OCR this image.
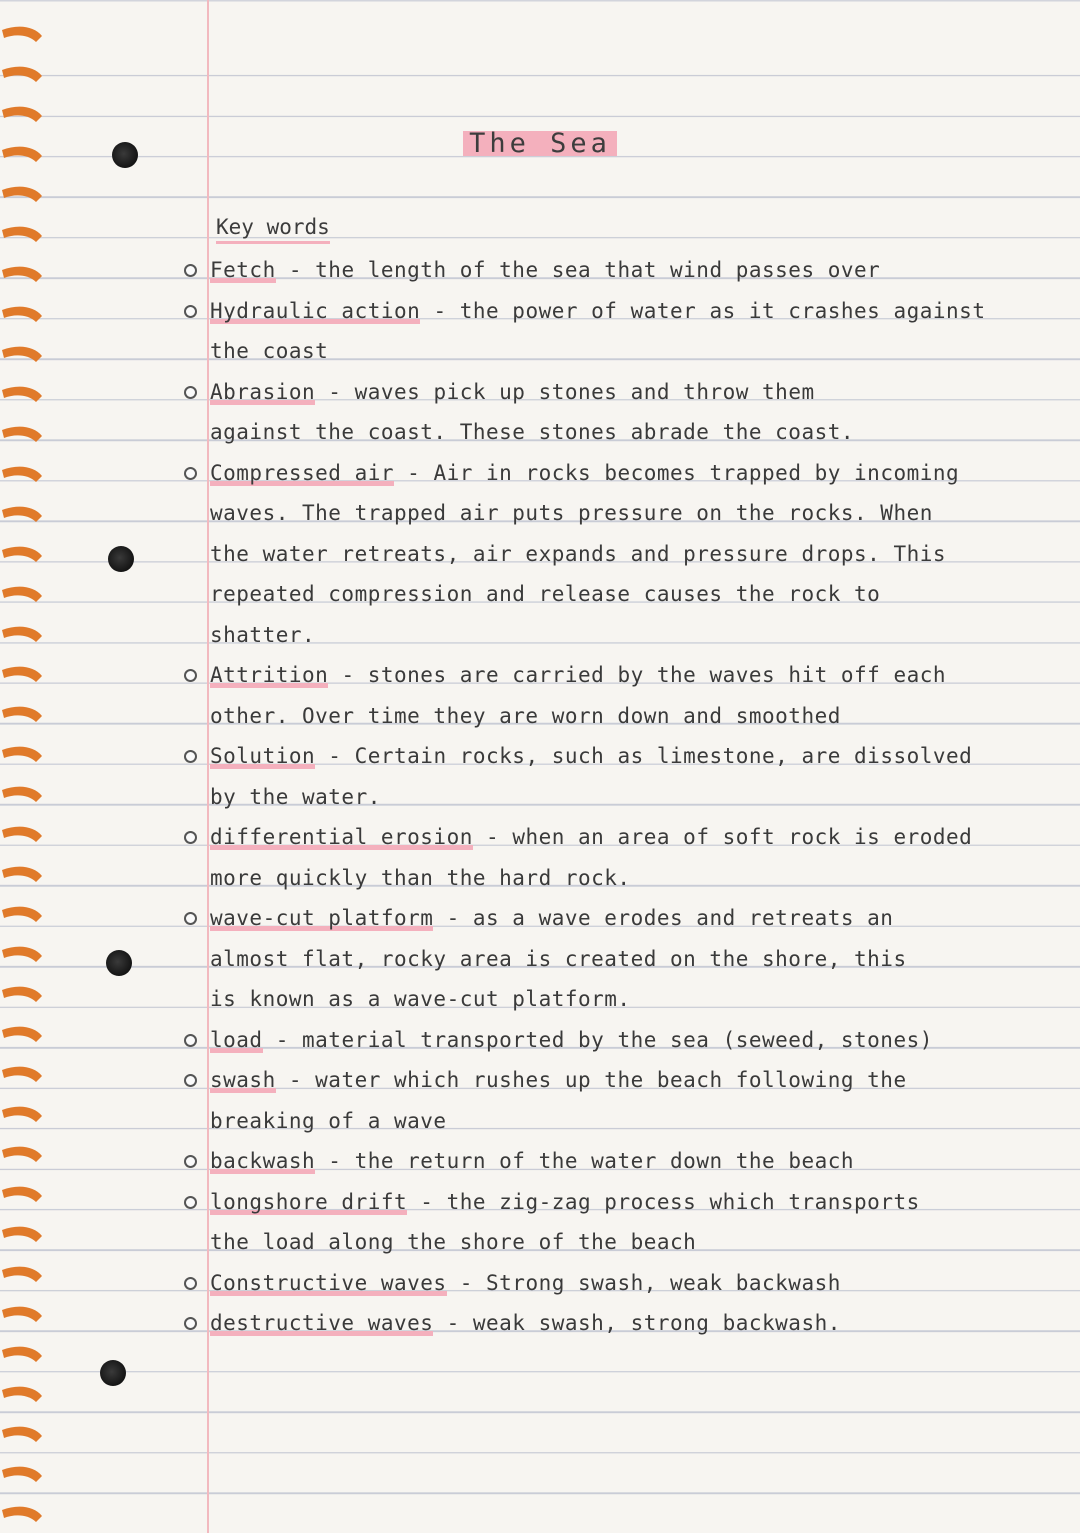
The Sea
Key words
Fetch - the length of the sea that wind passes over
Hydraulic action - the power of water as it crashes against
the coast
Abrasion - waves pick up stones and throw them
against the coast. These stones abrade the coast.
Compressed air - Air in rocks becomes trapped by incoming
waves. The trapped air puts pressure on the rocks. When
the water retreats, air expands and pressure drops. This
repeated compression and release causes the rock to
shatter.
Attrition - stones are carried by the waves hit off each
other. Over time they are worn down and smoothed
Solution - Certain rocks, such as limestone, are dissolved
by the water.
differential erosion - when an area of soft rock is eroded
more quickly than the hard rock.
wave-cut platform - as a wave erodes and retreats an
almost flat, rocky area is created on the shore, this
is known as a wave-cut platform.
load - material transported by the sea (seweed, stones)
swash - water which rushes up the beach following the
breaking of a wave
backwash - the return of the water down the beach
longshore drift - the zig-zag process which transports
the load along the shore of the beach
Constructive waves - Strong swash, weak backwash
destructive waves - weak swash, strong backwash.
